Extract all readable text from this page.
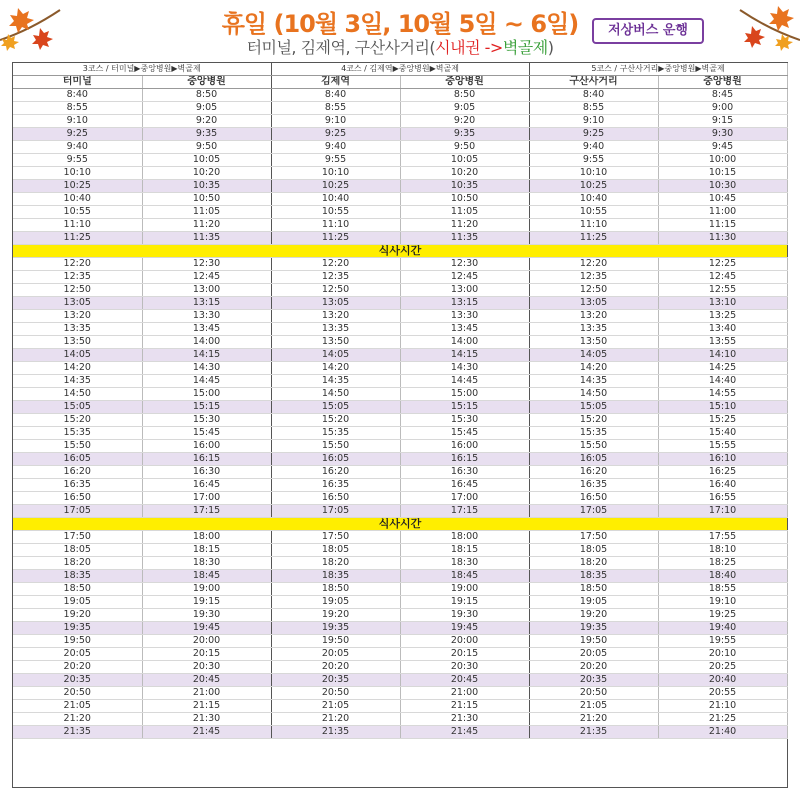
휴일 (10월 3일, 10월 5일 ~ 6일)
터미널, 김제역, 구산사거리(시내권 ->벽골제)
저상버스 운행
3코스 / 터미널▶중앙병원▶벽골제		4코스 / 김제역▶중앙병원▶벽골제		5코스 / 구산사거리▶중앙병원▶벽골제	
터미널	중앙병원	김제역	중앙병원	구산사거리	중앙병원
8:40	8:50	8:40	8:50	8:40	8:45
8:55	9:05	8:55	9:05	8:55	9:00
9:10	9:20	9:10	9:20	9:10	9:15
9:25	9:35	9:25	9:35	9:25	9:30
9:40	9:50	9:40	9:50	9:40	9:45
9:55	10:05	9:55	10:05	9:55	10:00
10:10	10:20	10:10	10:20	10:10	10:15
10:25	10:35	10:25	10:35	10:25	10:30
10:40	10:50	10:40	10:50	10:40	10:45
10:55	11:05	10:55	11:05	10:55	11:00
11:10	11:20	11:10	11:20	11:10	11:15
11:25	11:35	11:25	11:35	11:25	11:30
식사시간					
12:20	12:30	12:20	12:30	12:20	12:25
12:35	12:45	12:35	12:45	12:35	12:45
12:50	13:00	12:50	13:00	12:50	12:55
13:05	13:15	13:05	13:15	13:05	13:10
13:20	13:30	13:20	13:30	13:20	13:25
13:35	13:45	13:35	13:45	13:35	13:40
13:50	14:00	13:50	14:00	13:50	13:55
14:05	14:15	14:05	14:15	14:05	14:10
14:20	14:30	14:20	14:30	14:20	14:25
14:35	14:45	14:35	14:45	14:35	14:40
14:50	15:00	14:50	15:00	14:50	14:55
15:05	15:15	15:05	15:15	15:05	15:10
15:20	15:30	15:20	15:30	15:20	15:25
15:35	15:45	15:35	15:45	15:35	15:40
15:50	16:00	15:50	16:00	15:50	15:55
16:05	16:15	16:05	16:15	16:05	16:10
16:20	16:30	16:20	16:30	16:20	16:25
16:35	16:45	16:35	16:45	16:35	16:40
16:50	17:00	16:50	17:00	16:50	16:55
17:05	17:15	17:05	17:15	17:05	17:10
식사시간					
17:50	18:00	17:50	18:00	17:50	17:55
18:05	18:15	18:05	18:15	18:05	18:10
18:20	18:30	18:20	18:30	18:20	18:25
18:35	18:45	18:35	18:45	18:35	18:40
18:50	19:00	18:50	19:00	18:50	18:55
19:05	19:15	19:05	19:15	19:05	19:10
19:20	19:30	19:20	19:30	19:20	19:25
19:35	19:45	19:35	19:45	19:35	19:40
19:50	20:00	19:50	20:00	19:50	19:55
20:05	20:15	20:05	20:15	20:05	20:10
20:20	20:30	20:20	20:30	20:20	20:25
20:35	20:45	20:35	20:45	20:35	20:40
20:50	21:00	20:50	21:00	20:50	20:55
21:05	21:15	21:05	21:15	21:05	21:10
21:20	21:30	21:20	21:30	21:20	21:25
21:35	21:45	21:35	21:45	21:35	21:40
